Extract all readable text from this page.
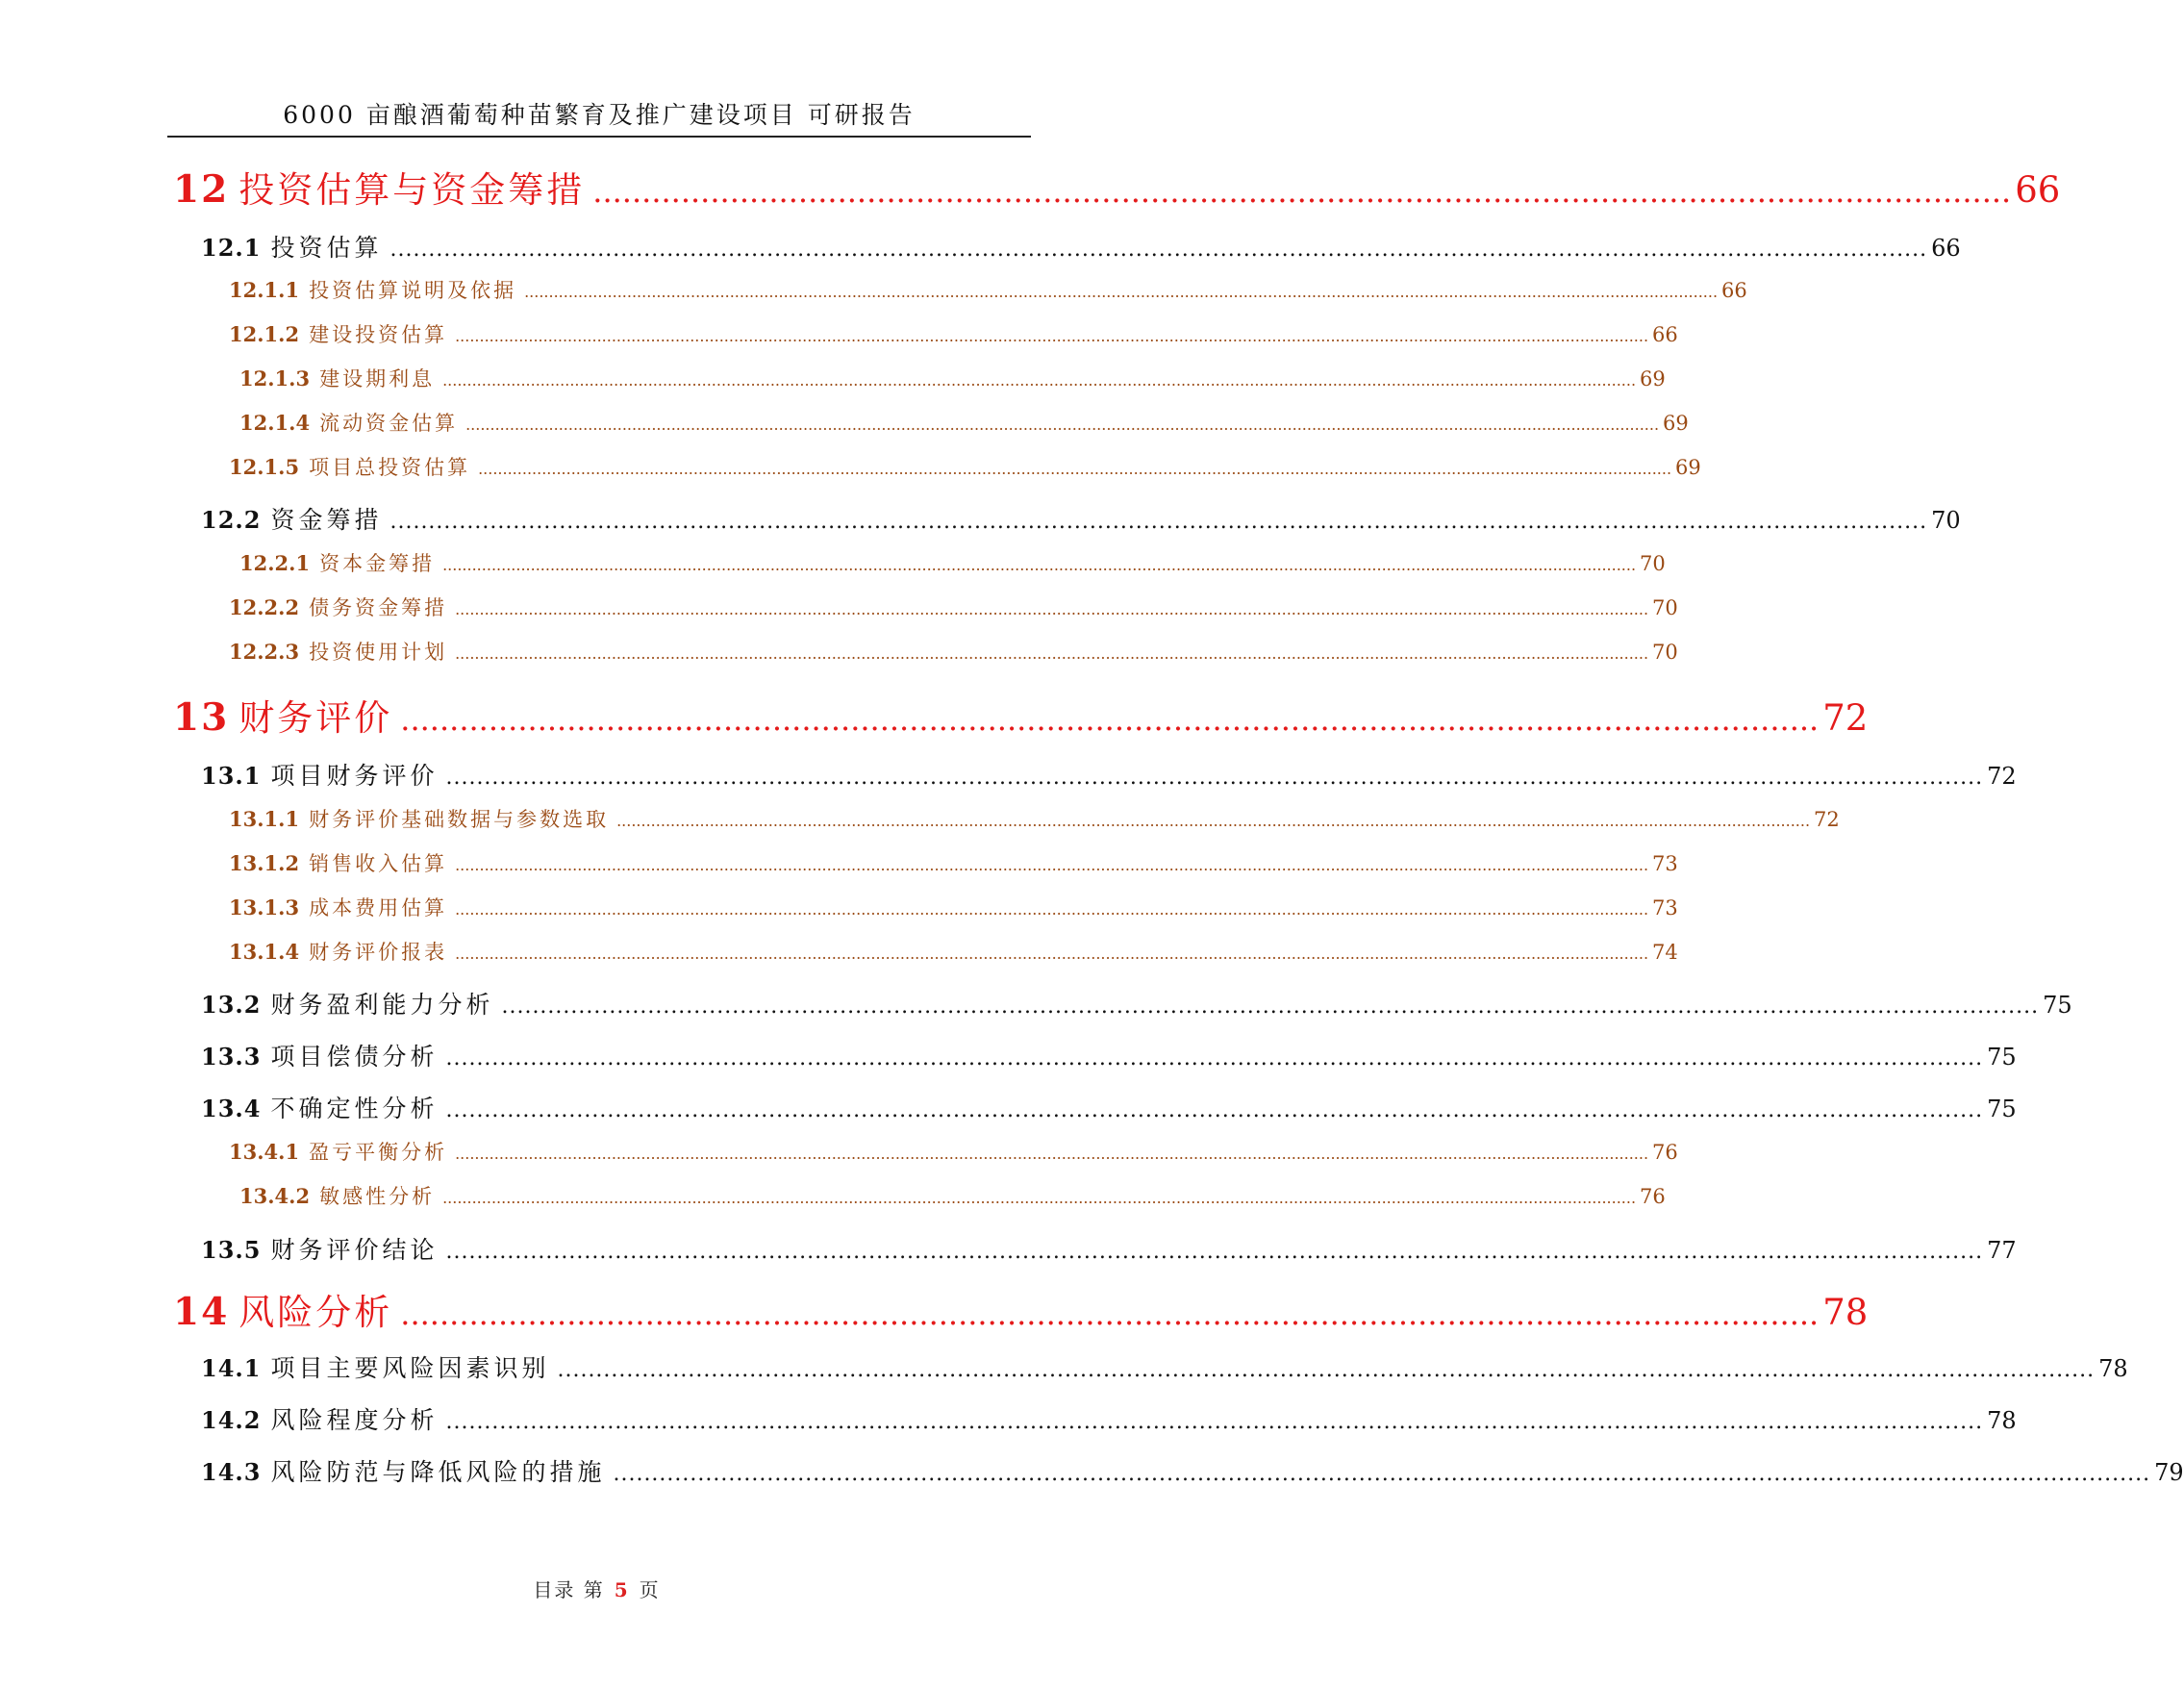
6000 亩酿酒葡萄种苗繁育及推广建设项目 可研报告
12 投资估算与资金筹措 ................................................................................................................................................. 66
12.1 投资估算 ........................................................................................................................................................................................................ 66
12.1.1 投资估算说明及依据 .................................................................................................................................................................................................................................................... 66
12.1.2 建设投资估算 .................................................................................................................................................................................................................................................... 66
12.1.3 建设期利息 .................................................................................................................................................................................................................................................... 69
12.1.4 流动资金估算 .................................................................................................................................................................................................................................................... 69
12.1.5 项目总投资估算 .................................................................................................................................................................................................................................................... 69
12.2 资金筹措 ........................................................................................................................................................................................................ 70
12.2.1 资本金筹措 .................................................................................................................................................................................................................................................... 70
12.2.2 债务资金筹措 .................................................................................................................................................................................................................................................... 70
12.2.3 投资使用计划 .................................................................................................................................................................................................................................................... 70
13 财务评价 ................................................................................................................................................. 72
13.1 项目财务评价 ........................................................................................................................................................................................................ 72
13.1.1 财务评价基础数据与参数选取 .................................................................................................................................................................................................................................................... 72
13.1.2 销售收入估算 .................................................................................................................................................................................................................................................... 73
13.1.3 成本费用估算 .................................................................................................................................................................................................................................................... 73
13.1.4 财务评价报表 .................................................................................................................................................................................................................................................... 74
13.2 财务盈利能力分析 ........................................................................................................................................................................................................ 75
13.3 项目偿债分析 ........................................................................................................................................................................................................ 75
13.4 不确定性分析 ........................................................................................................................................................................................................ 75
13.4.1 盈亏平衡分析 .................................................................................................................................................................................................................................................... 76
13.4.2 敏感性分析 .................................................................................................................................................................................................................................................... 76
13.5 财务评价结论 ........................................................................................................................................................................................................ 77
14 风险分析 ................................................................................................................................................. 78
14.1 项目主要风险因素识别 ........................................................................................................................................................................................................ 78
14.2 风险程度分析 ........................................................................................................................................................................................................ 78
14.3 风险防范与降低风险的措施 ........................................................................................................................................................................................................ 79
目录 第 5 页
